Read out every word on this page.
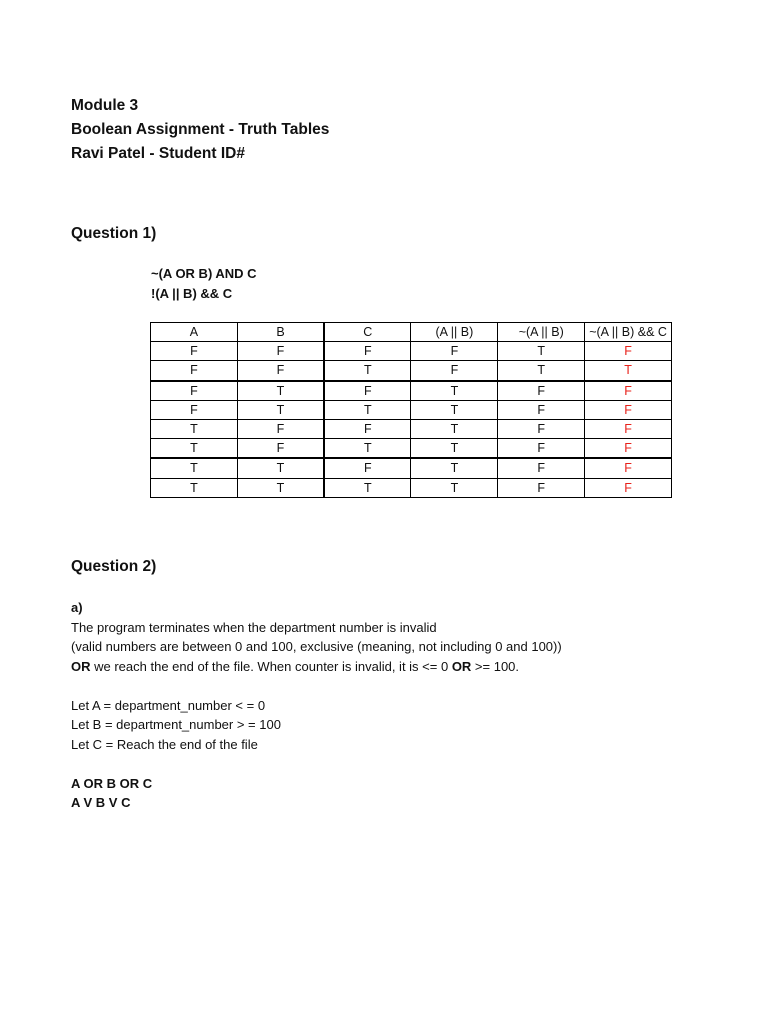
Module 3
Boolean Assignment - Truth Tables
Ravi Patel - Student ID#
Question 1)
~(A OR B) AND C
!(A || B) && C
A	B	C	(A || B)	~(A || B)	~(A || B) && C
F	F	F	F	T	F
F	F	T	F	T	T
F	T	F	T	F	F
F	T	T	T	F	F
T	F	F	T	F	F
T	F	T	T	F	F
T	T	F	T	F	F
T	T	T	T	F	F
Question 2)
a)
The program terminates when the department number is invalid
(valid numbers are between 0 and 100, exclusive (meaning, not including 0 and 100))
OR we reach the end of the file. When counter is invalid, it is <= 0 OR >= 100.
Let A = department_number < = 0
Let B = department_number > = 100
Let C = Reach the end of the file
A OR B OR C
A V B V C
